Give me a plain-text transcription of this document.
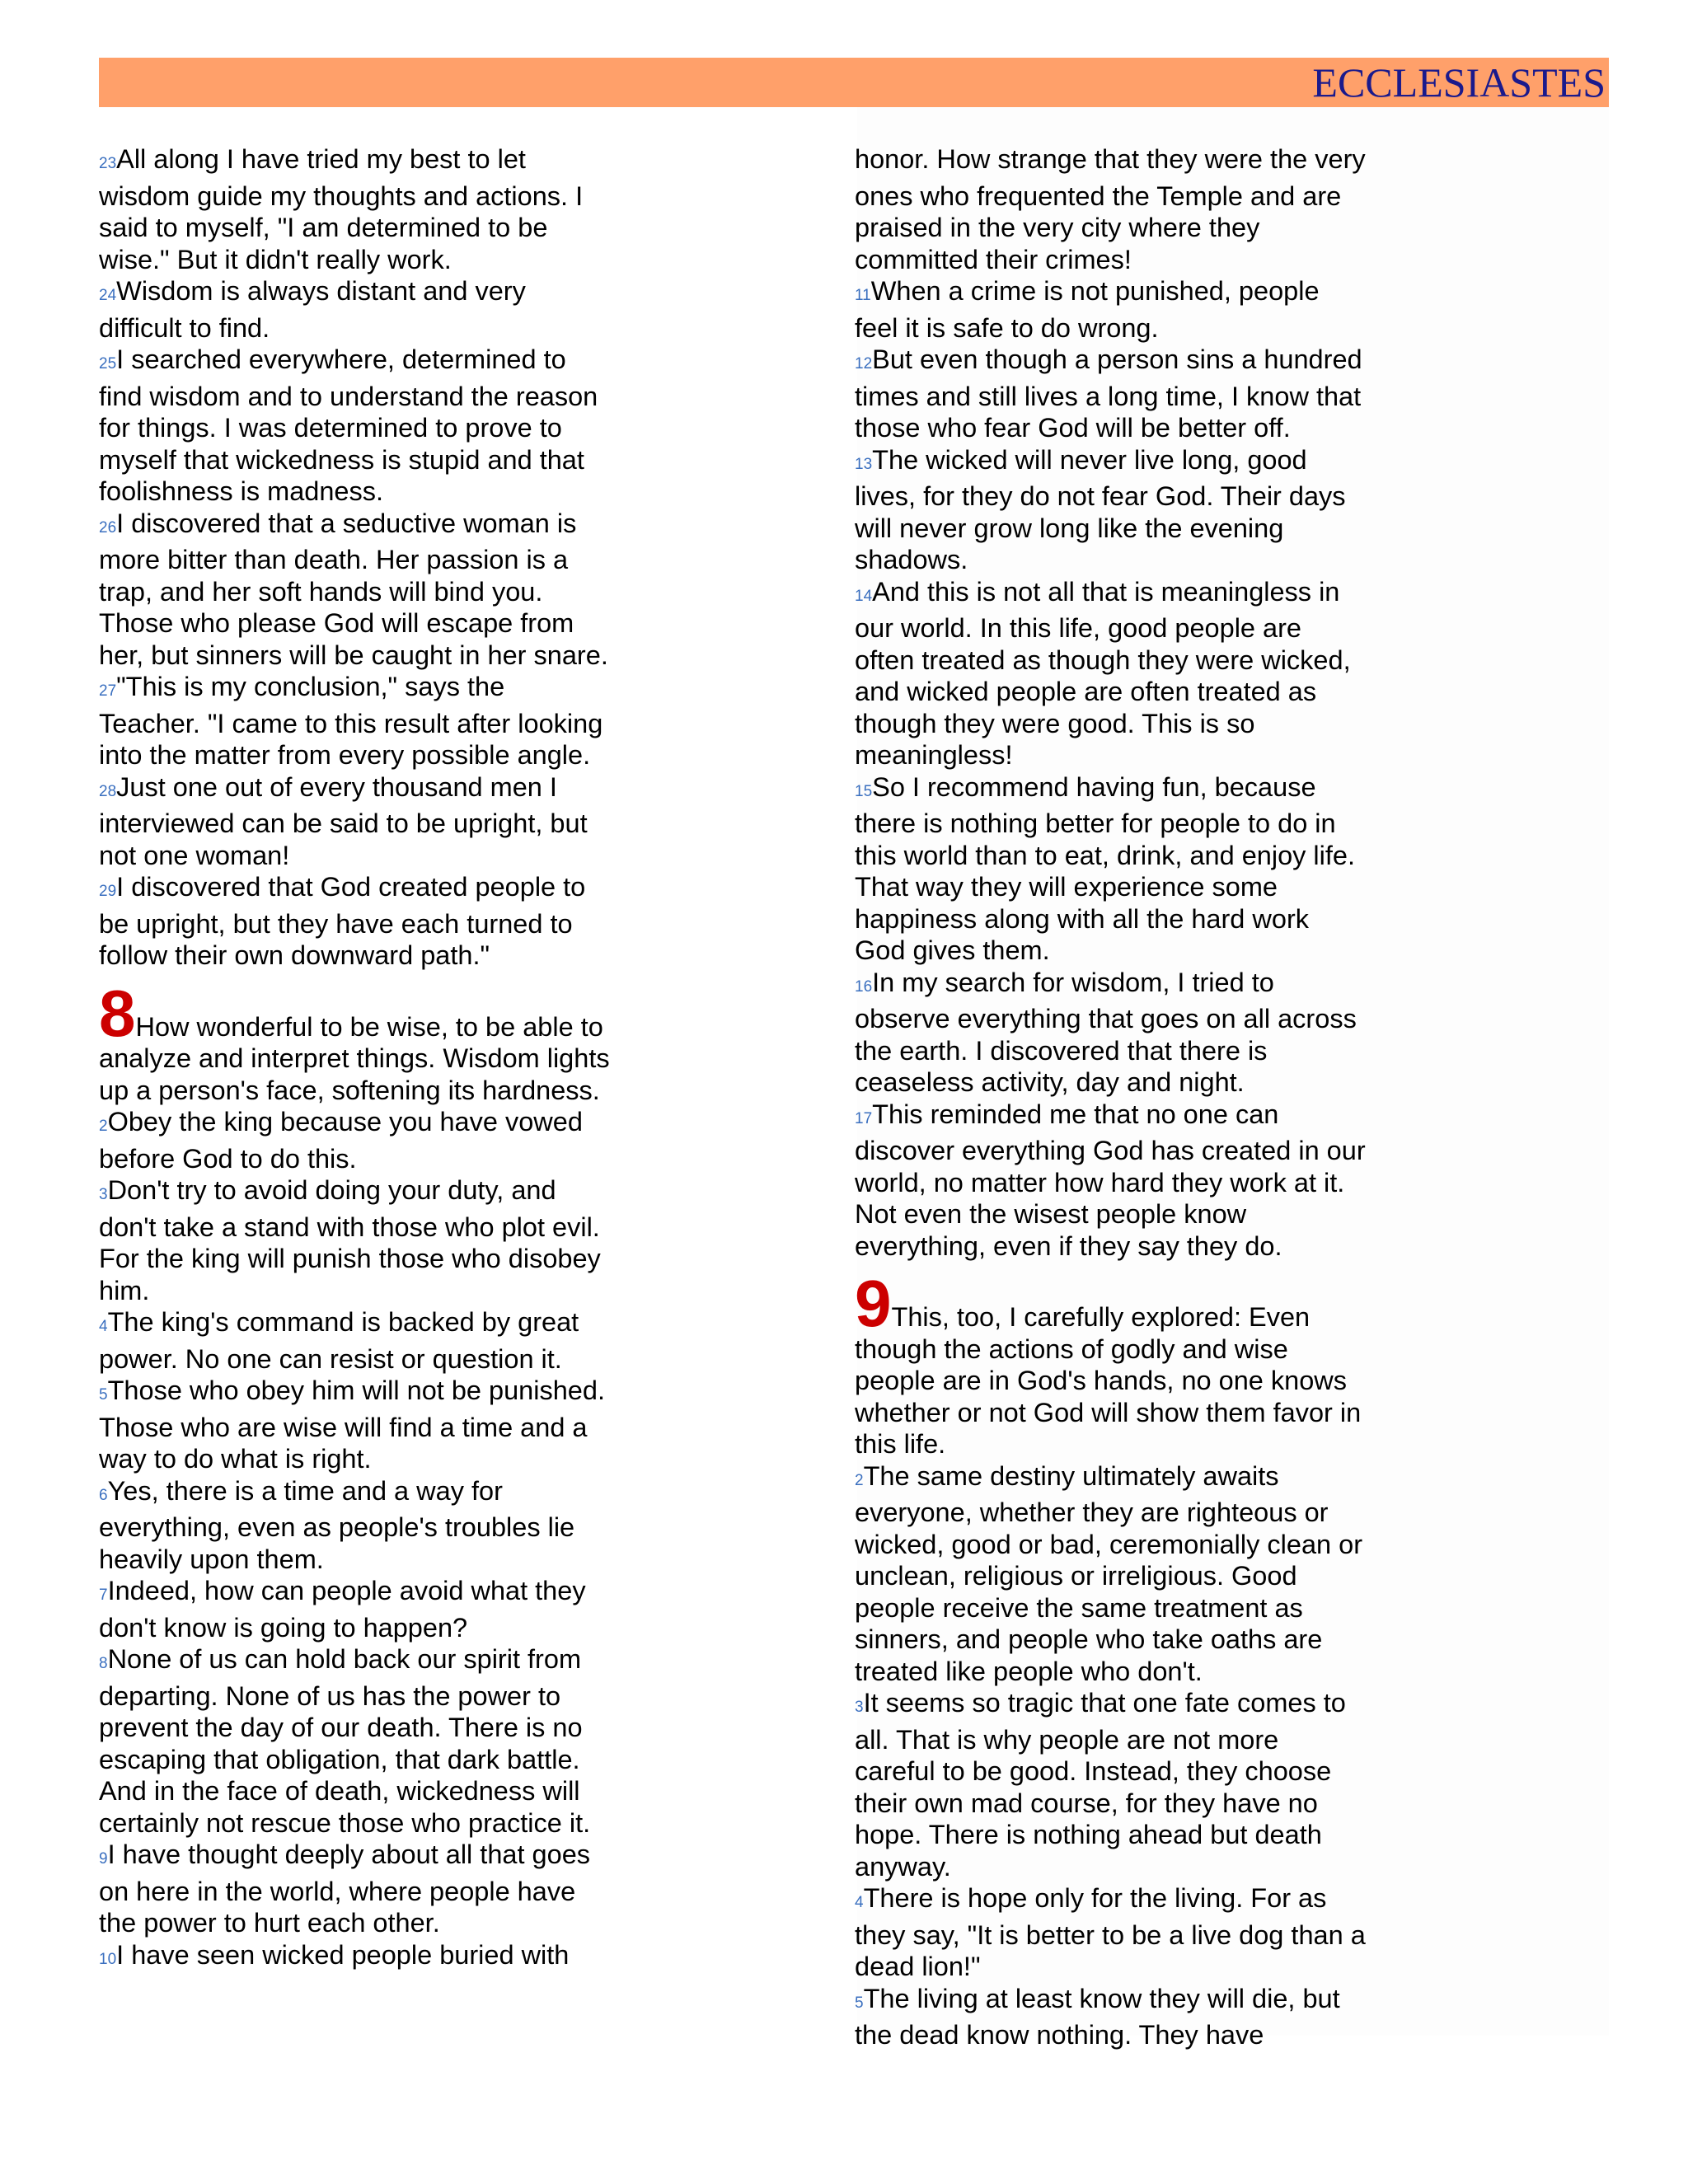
ECCLESIASTES

23All along I have tried my best to let wisdom guide my thoughts and actions. I said to myself, "I am determined to be wise." But it didn't really work.

24Wisdom is always distant and very difficult to find.

25I searched everywhere, determined to find wisdom and to understand the reason for things. I was determined to prove to myself that wickedness is stupid and that foolishness is madness.

26I discovered that a seductive woman is more bitter than death. Her passion is a trap, and her soft hands will bind you. Those who please God will escape from her, but sinners will be caught in her snare.

27"This is my conclusion," says the Teacher. "I came to this result after looking into the matter from every possible angle.

28Just one out of every thousand men I interviewed can be said to be upright, but not one woman!

29I discovered that God created people to be upright, but they have each turned to follow their own downward path."

8How wonderful to be wise, to be able to analyze and interpret things. Wisdom lights up a person's face, softening its hardness.

2Obey the king because you have vowed before God to do this.

3Don't try to avoid doing your duty, and don't take a stand with those who plot evil. For the king will punish those who disobey him.

4The king's command is backed by great power. No one can resist or question it.

5Those who obey him will not be punished. Those who are wise will find a time and a way to do what is right.

6Yes, there is a time and a way for everything, even as people's troubles lie heavily upon them.

7Indeed, how can people avoid what they don't know is going to happen?

8None of us can hold back our spirit from departing. None of us has the power to prevent the day of our death. There is no escaping that obligation, that dark battle. And in the face of death, wickedness will certainly not rescue those who practice it.

9I have thought deeply about all that goes on here in the world, where people have the power to hurt each other.

10I have seen wicked people buried with

honor. How strange that they were the very ones who frequented the Temple and are praised in the very city where they committed their crimes!

11When a crime is not punished, people feel it is safe to do wrong.

12But even though a person sins a hundred times and still lives a long time, I know that those who fear God will be better off.

13The wicked will never live long, good lives, for they do not fear God. Their days will never grow long like the evening shadows.

14And this is not all that is meaningless in our world. In this life, good people are often treated as though they were wicked, and wicked people are often treated as though they were good. This is so meaningless!

15So I recommend having fun, because there is nothing better for people to do in this world than to eat, drink, and enjoy life. That way they will experience some happiness along with all the hard work God gives them.

16In my search for wisdom, I tried to observe everything that goes on all across the earth. I discovered that there is ceaseless activity, day and night.

17This reminded me that no one can discover everything God has created in our world, no matter how hard they work at it. Not even the wisest people know everything, even if they say they do.

9This, too, I carefully explored: Even though the actions of godly and wise people are in God's hands, no one knows whether or not God will show them favor in this life.

2The same destiny ultimately awaits everyone, whether they are righteous or wicked, good or bad, ceremonially clean or unclean, religious or irreligious. Good people receive the same treatment as sinners, and people who take oaths are treated like people who don't.

3It seems so tragic that one fate comes to all. That is why people are not more careful to be good. Instead, they choose their own mad course, for they have no hope. There is nothing ahead but death anyway.

4There is hope only for the living. For as they say, "It is better to be a live dog than a dead lion!"

5The living at least know they will die, but the dead know nothing. They have
